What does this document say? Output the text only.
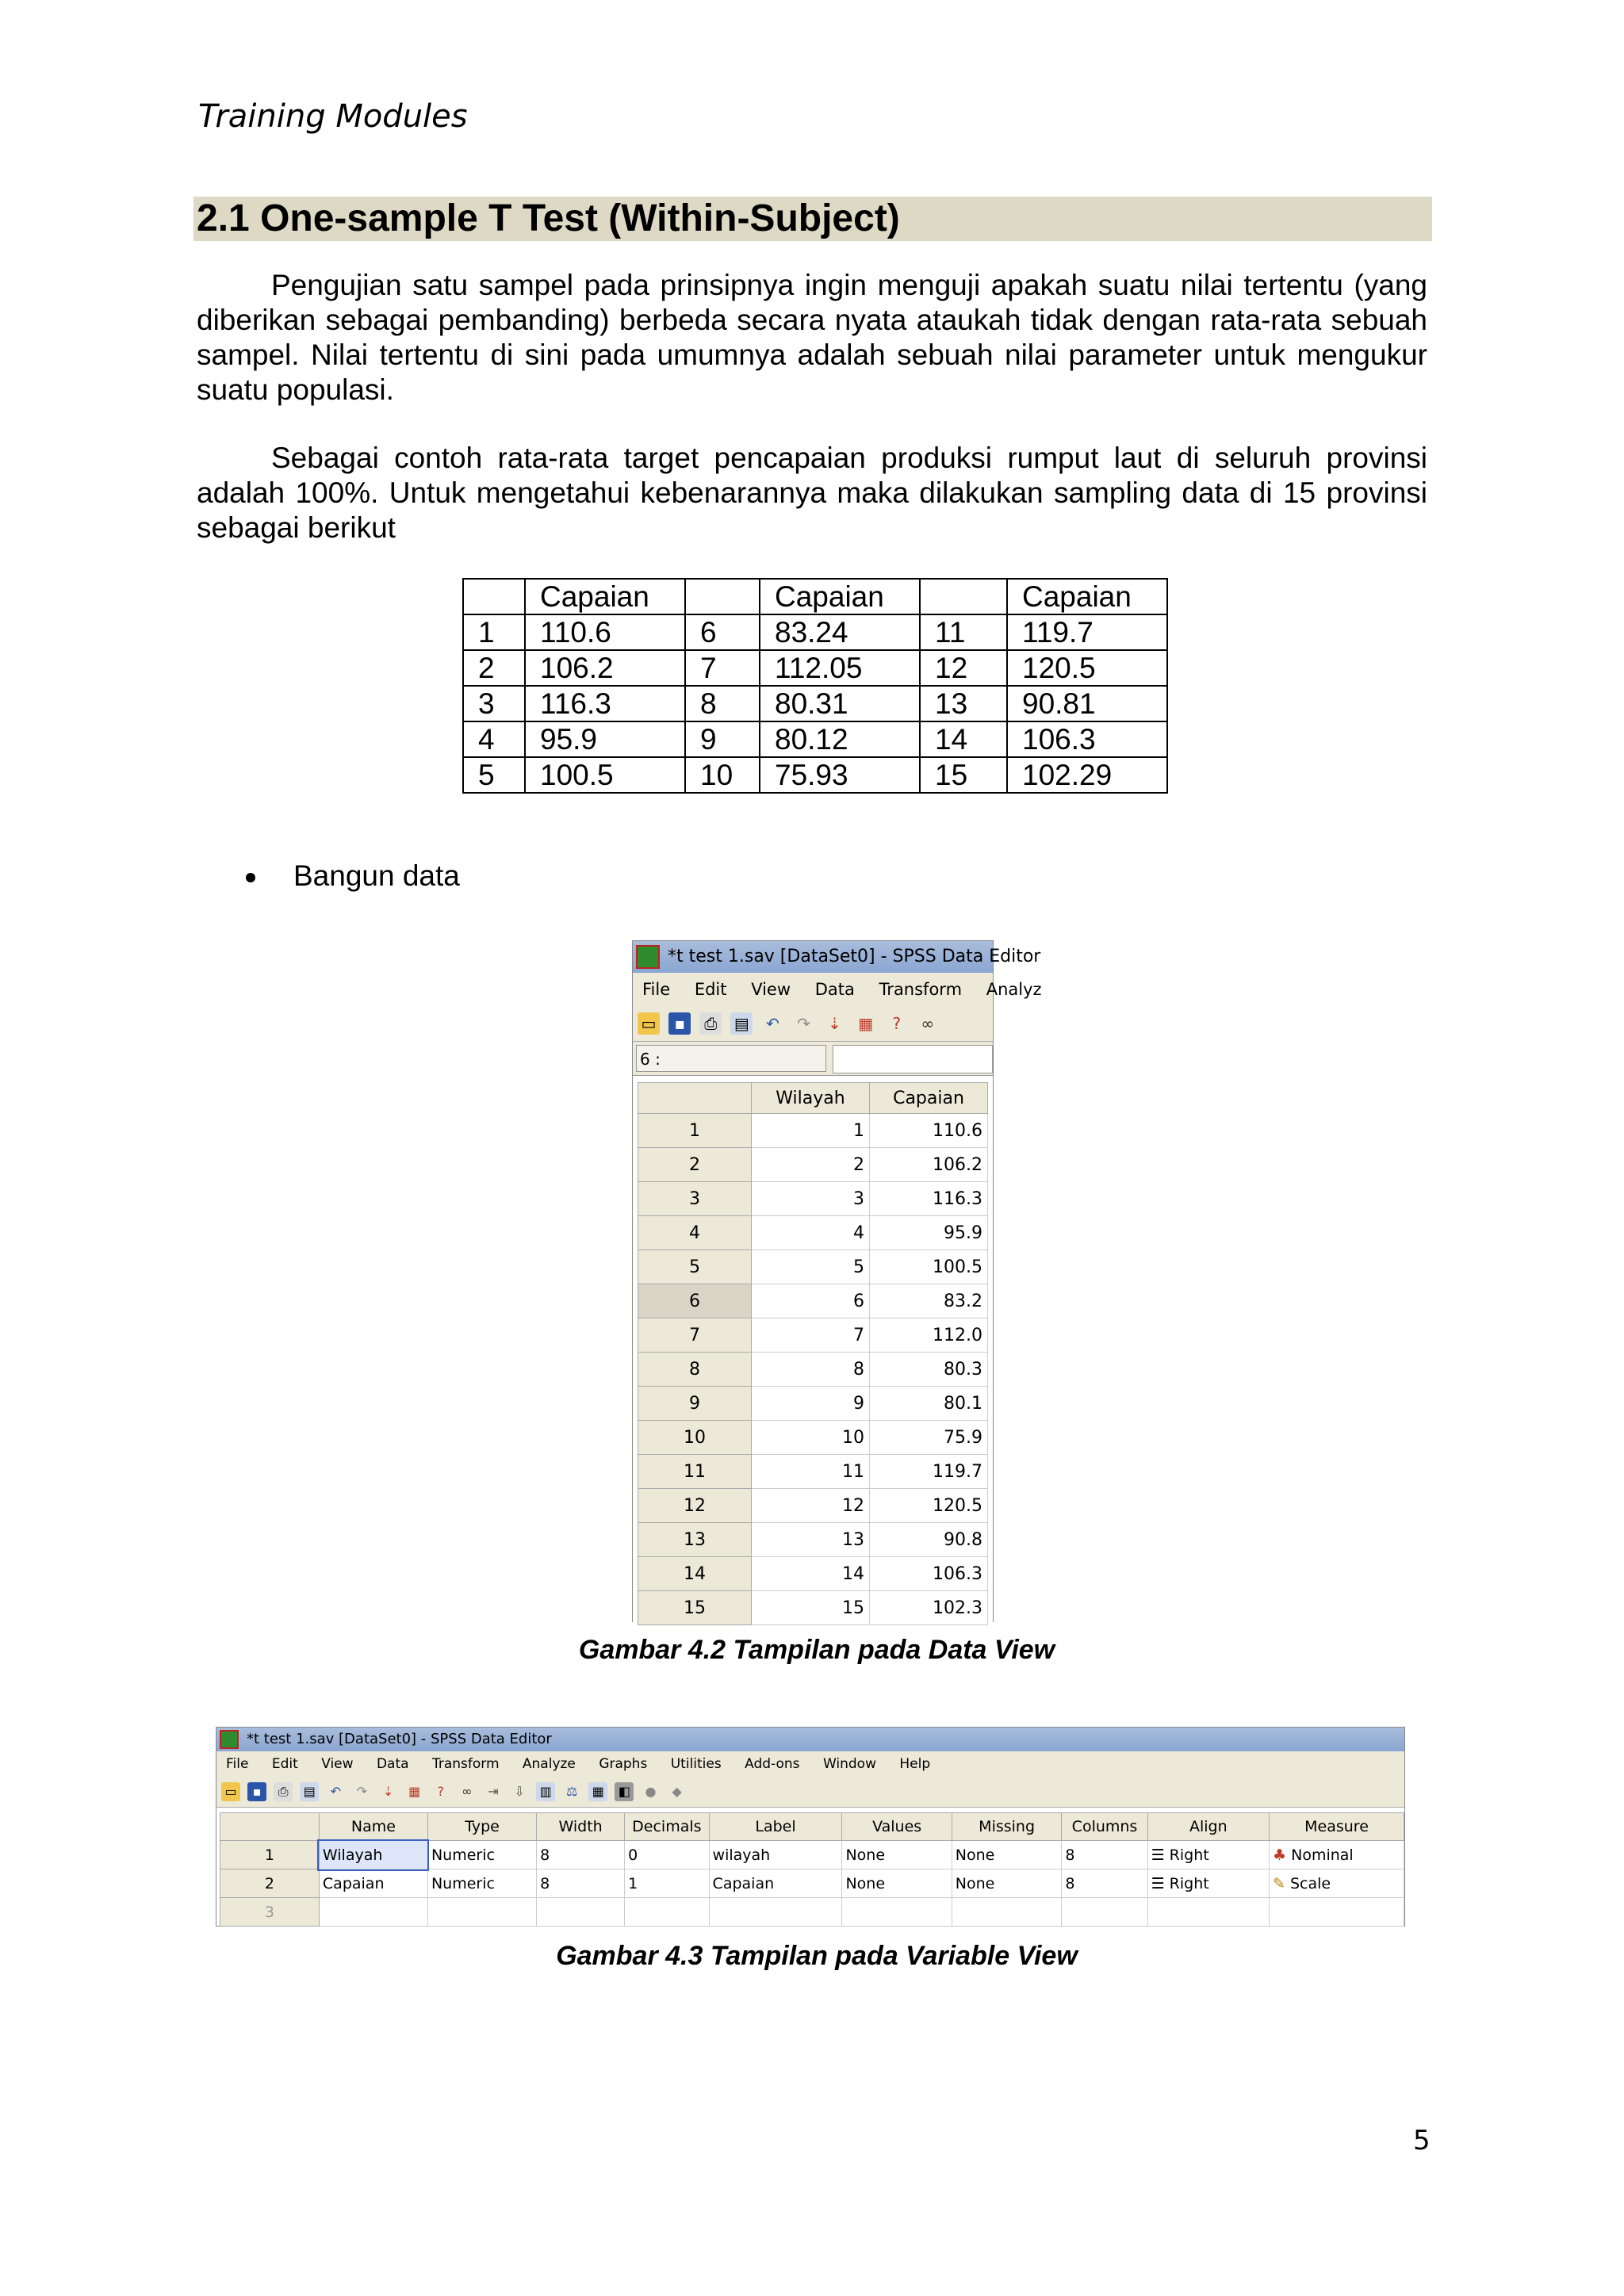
Training Modules
2.1 One-sample T Test (Within-Subject)

Pengujian satu sampel pada prinsipnya ingin menguji apakah suatu nilai tertentu (yang diberikan sebagai pembanding) berbeda secara nyata ataukah tidak dengan rata-rata sebuah sampel. Nilai tertentu di sini pada umumnya adalah sebuah nilai parameter untuk mengukur suatu populasi.

Sebagai contoh rata-rata target pencapaian produksi rumput laut di seluruh provinsi adalah 100%. Untuk mengetahui kebenarannya maka dilakukan sampling data di 15 provinsi sebagai berikut

	Capaian		Capaian		Capaian
1	110.6	6	83.24	11	119.7
2	106.2	7	112.05	12	120.5
3	116.3	8	80.31	13	90.81
4	95.9	9	80.12	14	106.3
5	100.5	10	75.93	15	102.29
Bangun data
*t test 1.sav [DataSet0] - SPSS Data Editor
File Edit View Data Transform Analyz
▭ ▪ ⎙ ▤ ↶ ↷ ⇣ ▦ ? ∞
6 :
	Wilayah	Capaian
1	1	110.6
2	2	106.2
3	3	116.3
4	4	95.9
5	5	100.5
6	6	83.2
7	7	112.0
8	8	80.3
9	9	80.1
10	10	75.9
11	11	119.7
12	12	120.5
13	13	90.8
14	14	106.3
15	15	102.3
Gambar 4.2 Tampilan pada Data View
*t test 1.sav [DataSet0] - SPSS Data Editor
File Edit View Data Transform Analyze Graphs Utilities Add-ons Window Help
▭ ▪ ⎙ ▤ ↶ ↷ ⇣ ▦ ? ∞ ⇥ ⇩ ▥ ⚖ ▦ ◧ ● ◆
	Name	Type	Width	Decimals	Label	Values	Missing	Columns	Align	Measure
1	Wilayah	Numeric	8	0	wilayah	None	None	8	☰ Right	♣ Nominal
2	Capaian	Numeric	8	1	Capaian	None	None	8	☰ Right	✎ Scale
3										
Gambar 4.3 Tampilan pada Variable View
5
